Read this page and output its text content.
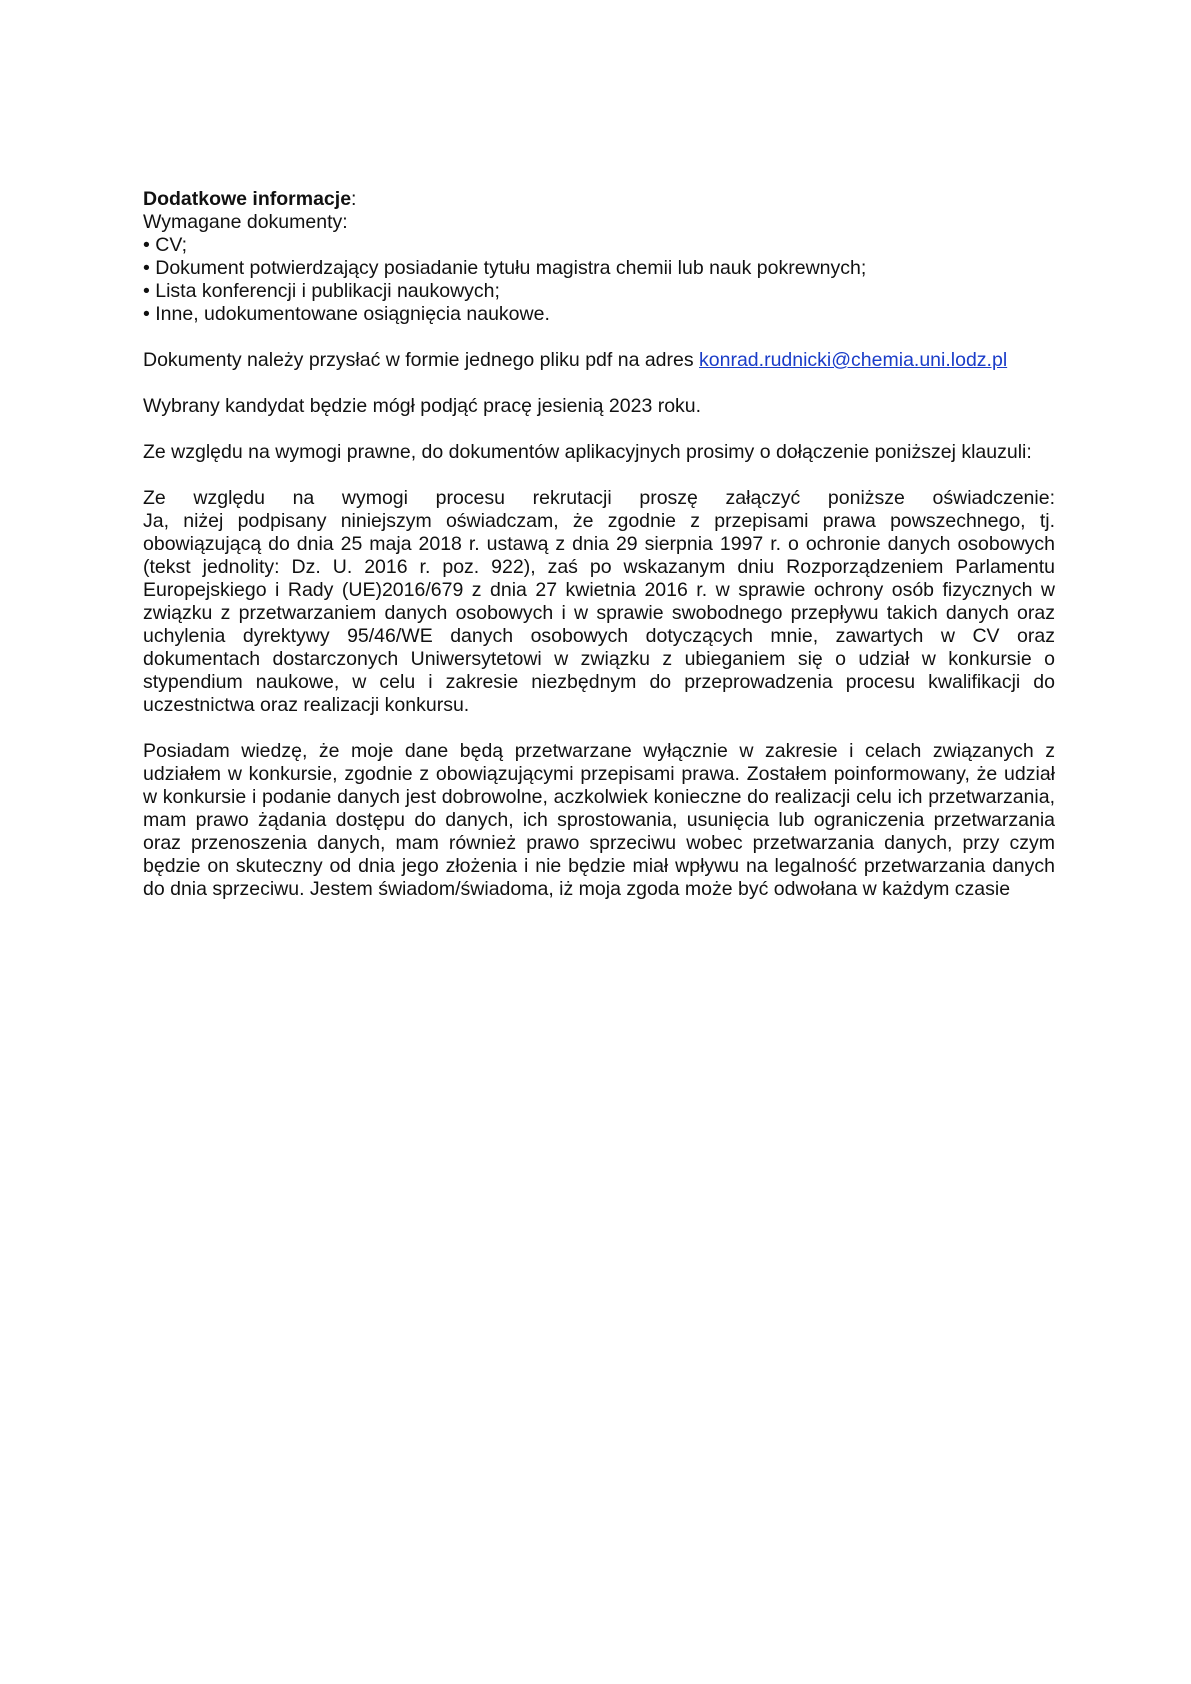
Dodatkowe informacje:

Wymagane dokumenty:

• CV;
• Dokument potwierdzający posiadanie tytułu magistra chemii lub nauk pokrewnych;
• Lista konferencji i publikacji naukowych;
• Inne, udokumentowane osiągnięcia naukowe.

Dokumenty należy przysłać w formie jednego pliku pdf na adres konrad.rudnicki@chemia.uni.lodz.pl

Wybrany kandydat będzie mógł podjąć pracę jesienią 2023 roku.

Ze względu na wymogi prawne, do dokumentów aplikacyjnych prosimy o dołączenie poniższej klauzuli:

Ze względu na wymogi procesu rekrutacji proszę załączyć poniższe oświadczenie:

Ja, niżej podpisany niniejszym oświadczam, że zgodnie z przepisami prawa powszechnego, tj. obowiązującą do dnia 25 maja 2018 r. ustawą z dnia 29 sierpnia 1997 r. o ochronie danych osobowych (tekst jednolity: Dz. U. 2016 r. poz. 922), zaś po wskazanym dniu Rozporządzeniem Parlamentu Europejskiego i Rady (UE)2016/679 z dnia 27 kwietnia 2016 r. w sprawie ochrony osób fizycznych w związku z przetwarzaniem danych osobowych i w sprawie swobodnego przepływu takich danych oraz uchylenia dyrektywy 95/46/WE danych osobowych dotyczących mnie, zawartych w CV oraz dokumentach dostarczonych Uniwersytetowi w związku z ubieganiem się o udział w konkursie o stypendium naukowe, w celu i zakresie niezbędnym do przeprowadzenia procesu kwalifikacji do uczestnictwa oraz realizacji konkursu.

Posiadam wiedzę, że moje dane będą przetwarzane wyłącznie w zakresie i celach związanych z udziałem w konkursie, zgodnie z obowiązującymi przepisami prawa. Zostałem poinformowany, że udział w konkursie i podanie danych jest dobrowolne, aczkolwiek konieczne do realizacji celu ich przetwarzania, mam prawo żądania dostępu do danych, ich sprostowania, usunięcia lub ograniczenia przetwarzania oraz przenoszenia danych, mam również prawo sprzeciwu wobec przetwarzania danych, przy czym będzie on skuteczny od dnia jego złożenia i nie będzie miał wpływu na legalność przetwarzania danych do dnia sprzeciwu. Jestem świadom/świadoma, iż moja zgoda może być odwołana w każdym czasie
